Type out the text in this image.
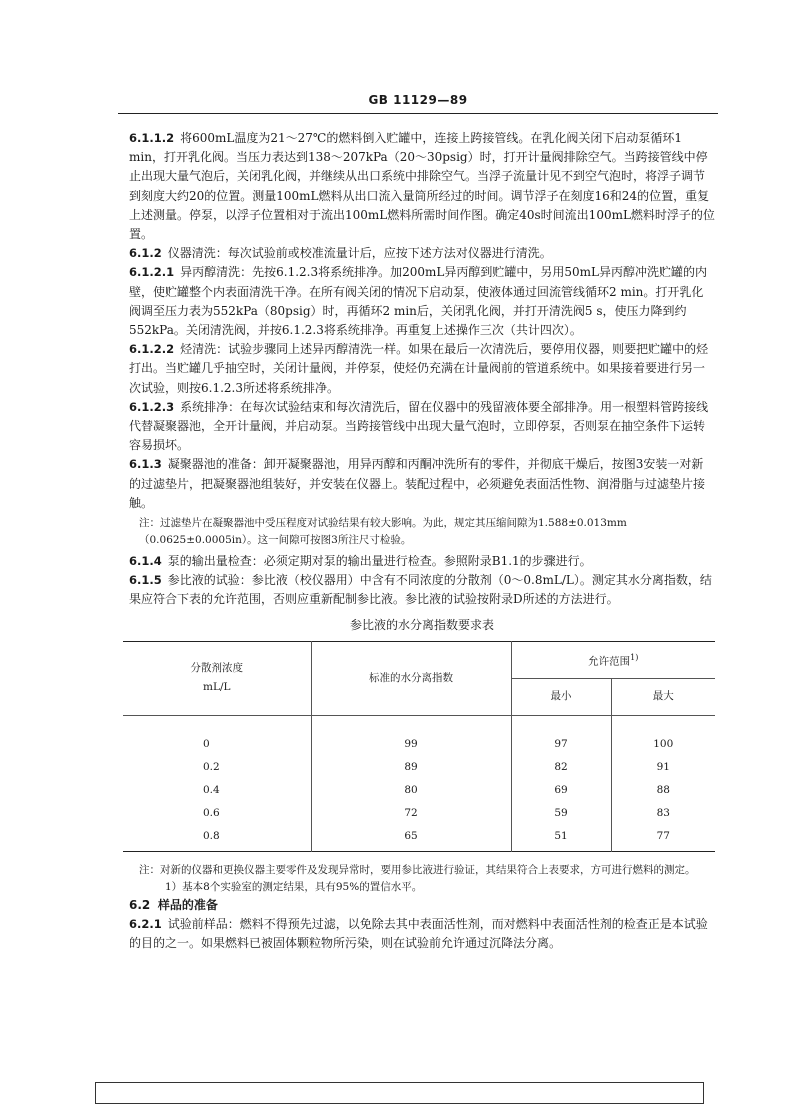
GB 11129—89

6.1.1.2 将600mL温度为21～27℃的燃料倒入贮罐中，连接上跨接管线。在乳化阀关闭下启动泵循环1 min，打开乳化阀。当压力表达到138～207kPa（20～30psig）时，打开计量阀排除空气。当跨接管线中停止出现大量气泡后，关闭乳化阀，并继续从出口系统中排除空气。当浮子流量计见不到空气泡时，将浮子调节到刻度大约20的位置。测量100mL燃料从出口流入量筒所经过的时间。调节浮子在刻度16和24的位置，重复上述测量。停泵，以浮子位置相对于流出100mL燃料所需时间作图。确定40s时间流出100mL燃料时浮子的位置。

6.1.2 仪器清洗：每次试验前或校准流量计后，应按下述方法对仪器进行清洗。

6.1.2.1 异丙醇清洗：先按6.1.2.3将系统排净。加200mL异丙醇到贮罐中，另用50mL异丙醇冲洗贮罐的内壁，使贮罐整个内表面清洗干净。在所有阀关闭的情况下启动泵，使液体通过回流管线循环2 min。打开乳化阀调至压力表为552kPa（80psig）时，再循环2 min后，关闭乳化阀，并打开清洗阀5 s，使压力降到约552kPa。关闭清洗阀，并按6.1.2.3将系统排净。再重复上述操作三次（共计四次）。

6.1.2.2 烃清洗：试验步骤同上述异丙醇清洗一样。如果在最后一次清洗后，要停用仪器，则要把贮罐中的烃打出。当贮罐几乎抽空时，关闭计量阀，并停泵，使烃仍充满在计量阀前的管道系统中。如果接着要进行另一次试验，则按6.1.2.3所述将系统排净。

6.1.2.3 系统排净：在每次试验结束和每次清洗后，留在仪器中的残留液体要全部排净。用一根塑料管跨接线代替凝聚器池，全开计量阀，并启动泵。当跨接管线中出现大量气泡时，立即停泵，否则泵在抽空条件下运转容易损坏。

6.1.3 凝聚器池的准备：卸开凝聚器池，用异丙醇和丙酮冲洗所有的零件，并彻底干燥后，按图3安装一对新的过滤垫片，把凝聚器池组装好，并安装在仪器上。装配过程中，必须避免表面活性物、润滑脂与过滤垫片接触。

注：过滤垫片在凝聚器池中受压程度对试验结果有较大影响。为此，规定其压缩间隙为1.588±0.013mm（0.0625±0.0005in）。这一间隙可按图3所注尺寸检验。

6.1.4 泵的输出量检查：必须定期对泵的输出量进行检查。参照附录B1.1的步骤进行。

6.1.5 参比液的试验：参比液（校仪器用）中含有不同浓度的分散剂（0～0.8mL/L）。测定其水分离指数，结果应符合下表的允许范围，否则应重新配制参比液。参比液的试验按附录D所述的方法进行。

参比液的水分离指数要求表

分散剂浓度
mL/L	标准的水分离指数	允许范围$^{1)}$
		最小	最大
0	99	97	100
0.2	89	82	91
0.4	80	69	88
0.6	72	59	83
0.8	65	51	77

注：对新的仪器和更换仪器主要零件及发现异常时，要用参比液进行验证，其结果符合上表要求，方可进行燃料的测定。

1）基本8个实验室的测定结果，具有95%的置信水平。

6.2 样品的准备

6.2.1 试验前样品：燃料不得预先过滤，以免除去其中表面活性剂，而对燃料中表面活性剂的检查正是本试验的目的之一。如果燃料已被固体颗粒物所污染，则在试验前允许通过沉降法分离。
